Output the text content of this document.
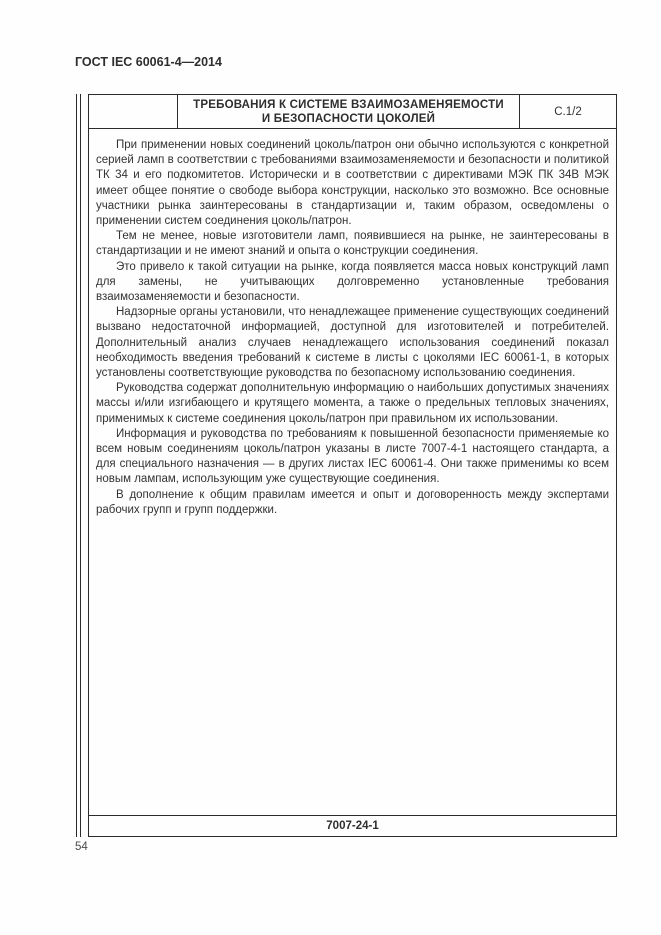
ГОСТ IEC 60061-4—2014
ТРЕБОВАНИЯ К СИСТЕМЕ ВЗАИМОЗАМЕНЯЕМОСТИ
И БЕЗОПАСНОСТИ ЦОКОЛЕЙ
С.1/2

При применении новых соединений цоколь/патрон они обычно используются с конкретной серией ламп в соответствии с требованиями взаимозаменяемости и безопасности и политикой ТК 34 и его подкомитетов. Исторически и в соответствии с директивами МЭК ПК 34В МЭК имеет общее понятие о свободе выбора конструкции, насколько это возможно. Все основные участники рынка заинтересованы в стандартизации и, таким образом, осведомлены о применении систем соединения цоколь/патрон.

Тем не менее, новые изготовители ламп, появившиеся на рынке, не заинтересованы в стандартизации и не имеют знаний и опыта о конструкции соединения.

Это привело к такой ситуации на рынке, когда появляется масса новых конструкций ламп для замены, не учитывающих долговременно установленные требования взаимозаменяемости и безопасности.

Надзорные органы установили, что ненадлежащее применение существующих соединений вызвано недостаточной информацией, доступной для изготовителей и потребителей. Дополнительный анализ случаев ненадлежащего использования соединений показал необходимость введения требований к системе в листы с цоколями IEC 60061-1, в которых установлены соответствующие руководства по безопасному использованию соединения.

Руководства содержат дополнительную информацию о наибольших допустимых значениях массы и/или изгибающего и крутящего момента, а также о предельных тепловых значениях, применимых к системе соединения цоколь/патрон при правильном их использовании.

Информация и руководства по требованиям к повышенной безопасности применяемые ко всем новым соединениям цоколь/патрон указаны в листе 7007-4-1 настоящего стандарта, а для специального назначения — в других листах IEC 60061-4. Они также применимы ко всем новым лампам, использующим уже существующие соединения.

В дополнение к общим правилам имеется и опыт и договоренность между экспертами рабочих групп и групп поддержки.

7007-24-1
54
